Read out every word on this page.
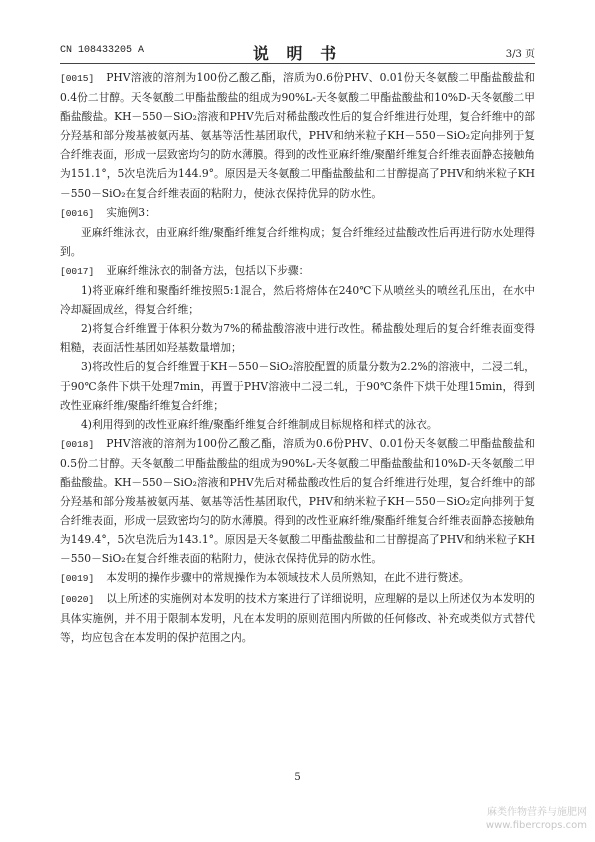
CN 108433205 A	说 明 书	3/3 页

[0015] PHV溶液的溶剂为100份乙酸乙酯，溶质为0.6份PHV、0.01份天冬氨酸二甲酯盐酸盐和0.4份二甘醇。天冬氨酸二甲酯盐酸盐的组成为90%L-天冬氨酸二甲酯盐酸盐和10%D-天冬氨酸二甲酯盐酸盐。KH－550－SiO₂溶液和PHV先后对稀盐酸改性后的复合纤维进行处理，复合纤维中的部分羟基和部分羧基被氨丙基、氨基等活性基团取代，PHV和纳米粒子KH－550－SiO₂定向排列于复合纤维表面，形成一层致密均匀的防水薄膜。得到的改性亚麻纤维/聚醋纤维复合纤维表面静态接触角为151.1°，5次皂洗后为144.9°。原因是天冬氨酸二甲酯盐酸盐和二甘醇提高了PHV和纳米粒子KH－550－SiO₂在复合纤维表面的粘附力，使泳衣保持优异的防水性。

[0016] 实施例3：

亚麻纤维泳衣，由亚麻纤维/聚酯纤维复合纤维构成；复合纤维经过盐酸改性后再进行防水处理得到。

[0017] 亚麻纤维泳衣的制备方法，包括以下步骤：

1)将亚麻纤维和聚酯纤维按照5:1混合，然后将熔体在240℃下从喷丝头的喷丝孔压出，在水中冷却凝固成丝，得复合纤维；

2)将复合纤维置于体积分数为7%的稀盐酸溶液中进行改性。稀盐酸处理后的复合纤维表面变得粗糙，表面活性基团如羟基数量增加；

3)将改性后的复合纤维置于KH－550－SiO₂溶胶配置的质量分数为2.2%的溶液中，二浸二轧，于90℃条件下烘干处理7min，再置于PHV溶液中二浸二轧，于90℃条件下烘干处理15min，得到改性亚麻纤维/聚酯纤维复合纤维；

4)利用得到的改性亚麻纤维/聚酯纤维复合纤维制成目标规格和样式的泳衣。

[0018] PHV溶液的溶剂为100份乙酸乙酯，溶质为0.6份PHV、0.01份天冬氨酸二甲酯盐酸盐和0.5份二甘醇。天冬氨酸二甲酯盐酸盐的组成为90%L-天冬氨酸二甲酯盐酸盐和10%D-天冬氨酸二甲酯盐酸盐。KH－550－SiO₂溶液和PHV先后对稀盐酸改性后的复合纤维进行处理，复合纤维中的部分羟基和部分羧基被氨丙基、氨基等活性基团取代，PHV和纳米粒子KH－550－SiO₂定向排列于复合纤维表面，形成一层致密均匀的防水薄膜。得到的改性亚麻纤维/聚酯纤维复合纤维表面静态接触角为149.4°，5次皂洗后为143.1°。原因是天冬氨酸二甲酯盐酸盐和二甘醇提高了PHV和纳米粒子KH－550－SiO₂在复合纤维表面的粘附力，使泳衣保持优异的防水性。

[0019] 本发明的操作步骤中的常规操作为本领域技术人员所熟知，在此不进行赘述。

[0020] 以上所述的实施例对本发明的技术方案进行了详细说明，应理解的是以上所述仅为本发明的具体实施例，并不用于限制本发明，凡在本发明的原则范围内所做的任何修改、补充或类似方式替代等，均应包含在本发明的保护范围之内。

5
麻类作物营养与施肥网
www.fibercrops.com
